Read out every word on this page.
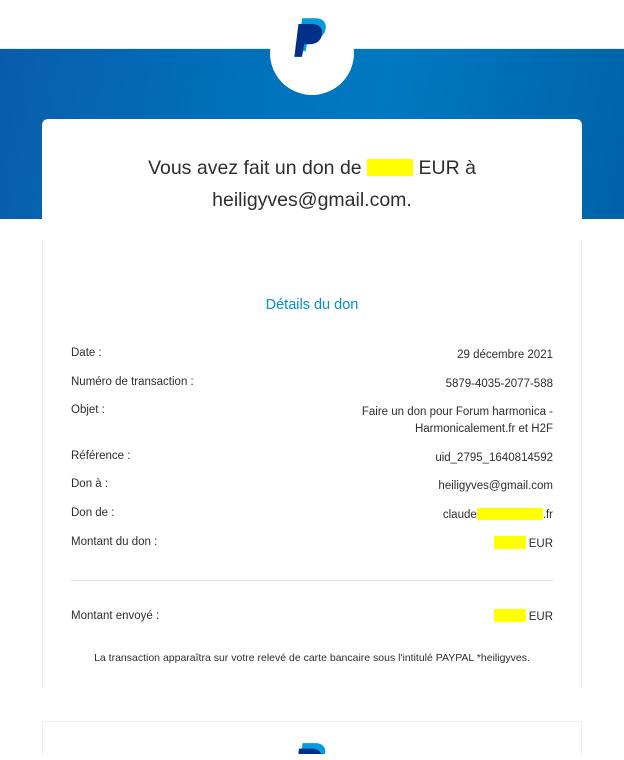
Vous avez fait un don de	EUR à
heiligyves@gmail.com.
Détails du don
Date :	29 décembre 2021
Numéro de transaction :	5879-4035-2077-588
Objet :	Faire un don pour Forum harmonica - Harmonicalement.fr et H2F
Référence :	uid_2795_1640814592
Don à :	heiligyves@gmail.com
Don de :	claude .fr
Montant du don :	EUR
Montant envoyé :	EUR
La transaction apparaîtra sur votre relevé de carte bancaire sous l'intitulé PAYPAL *heiligyves.
